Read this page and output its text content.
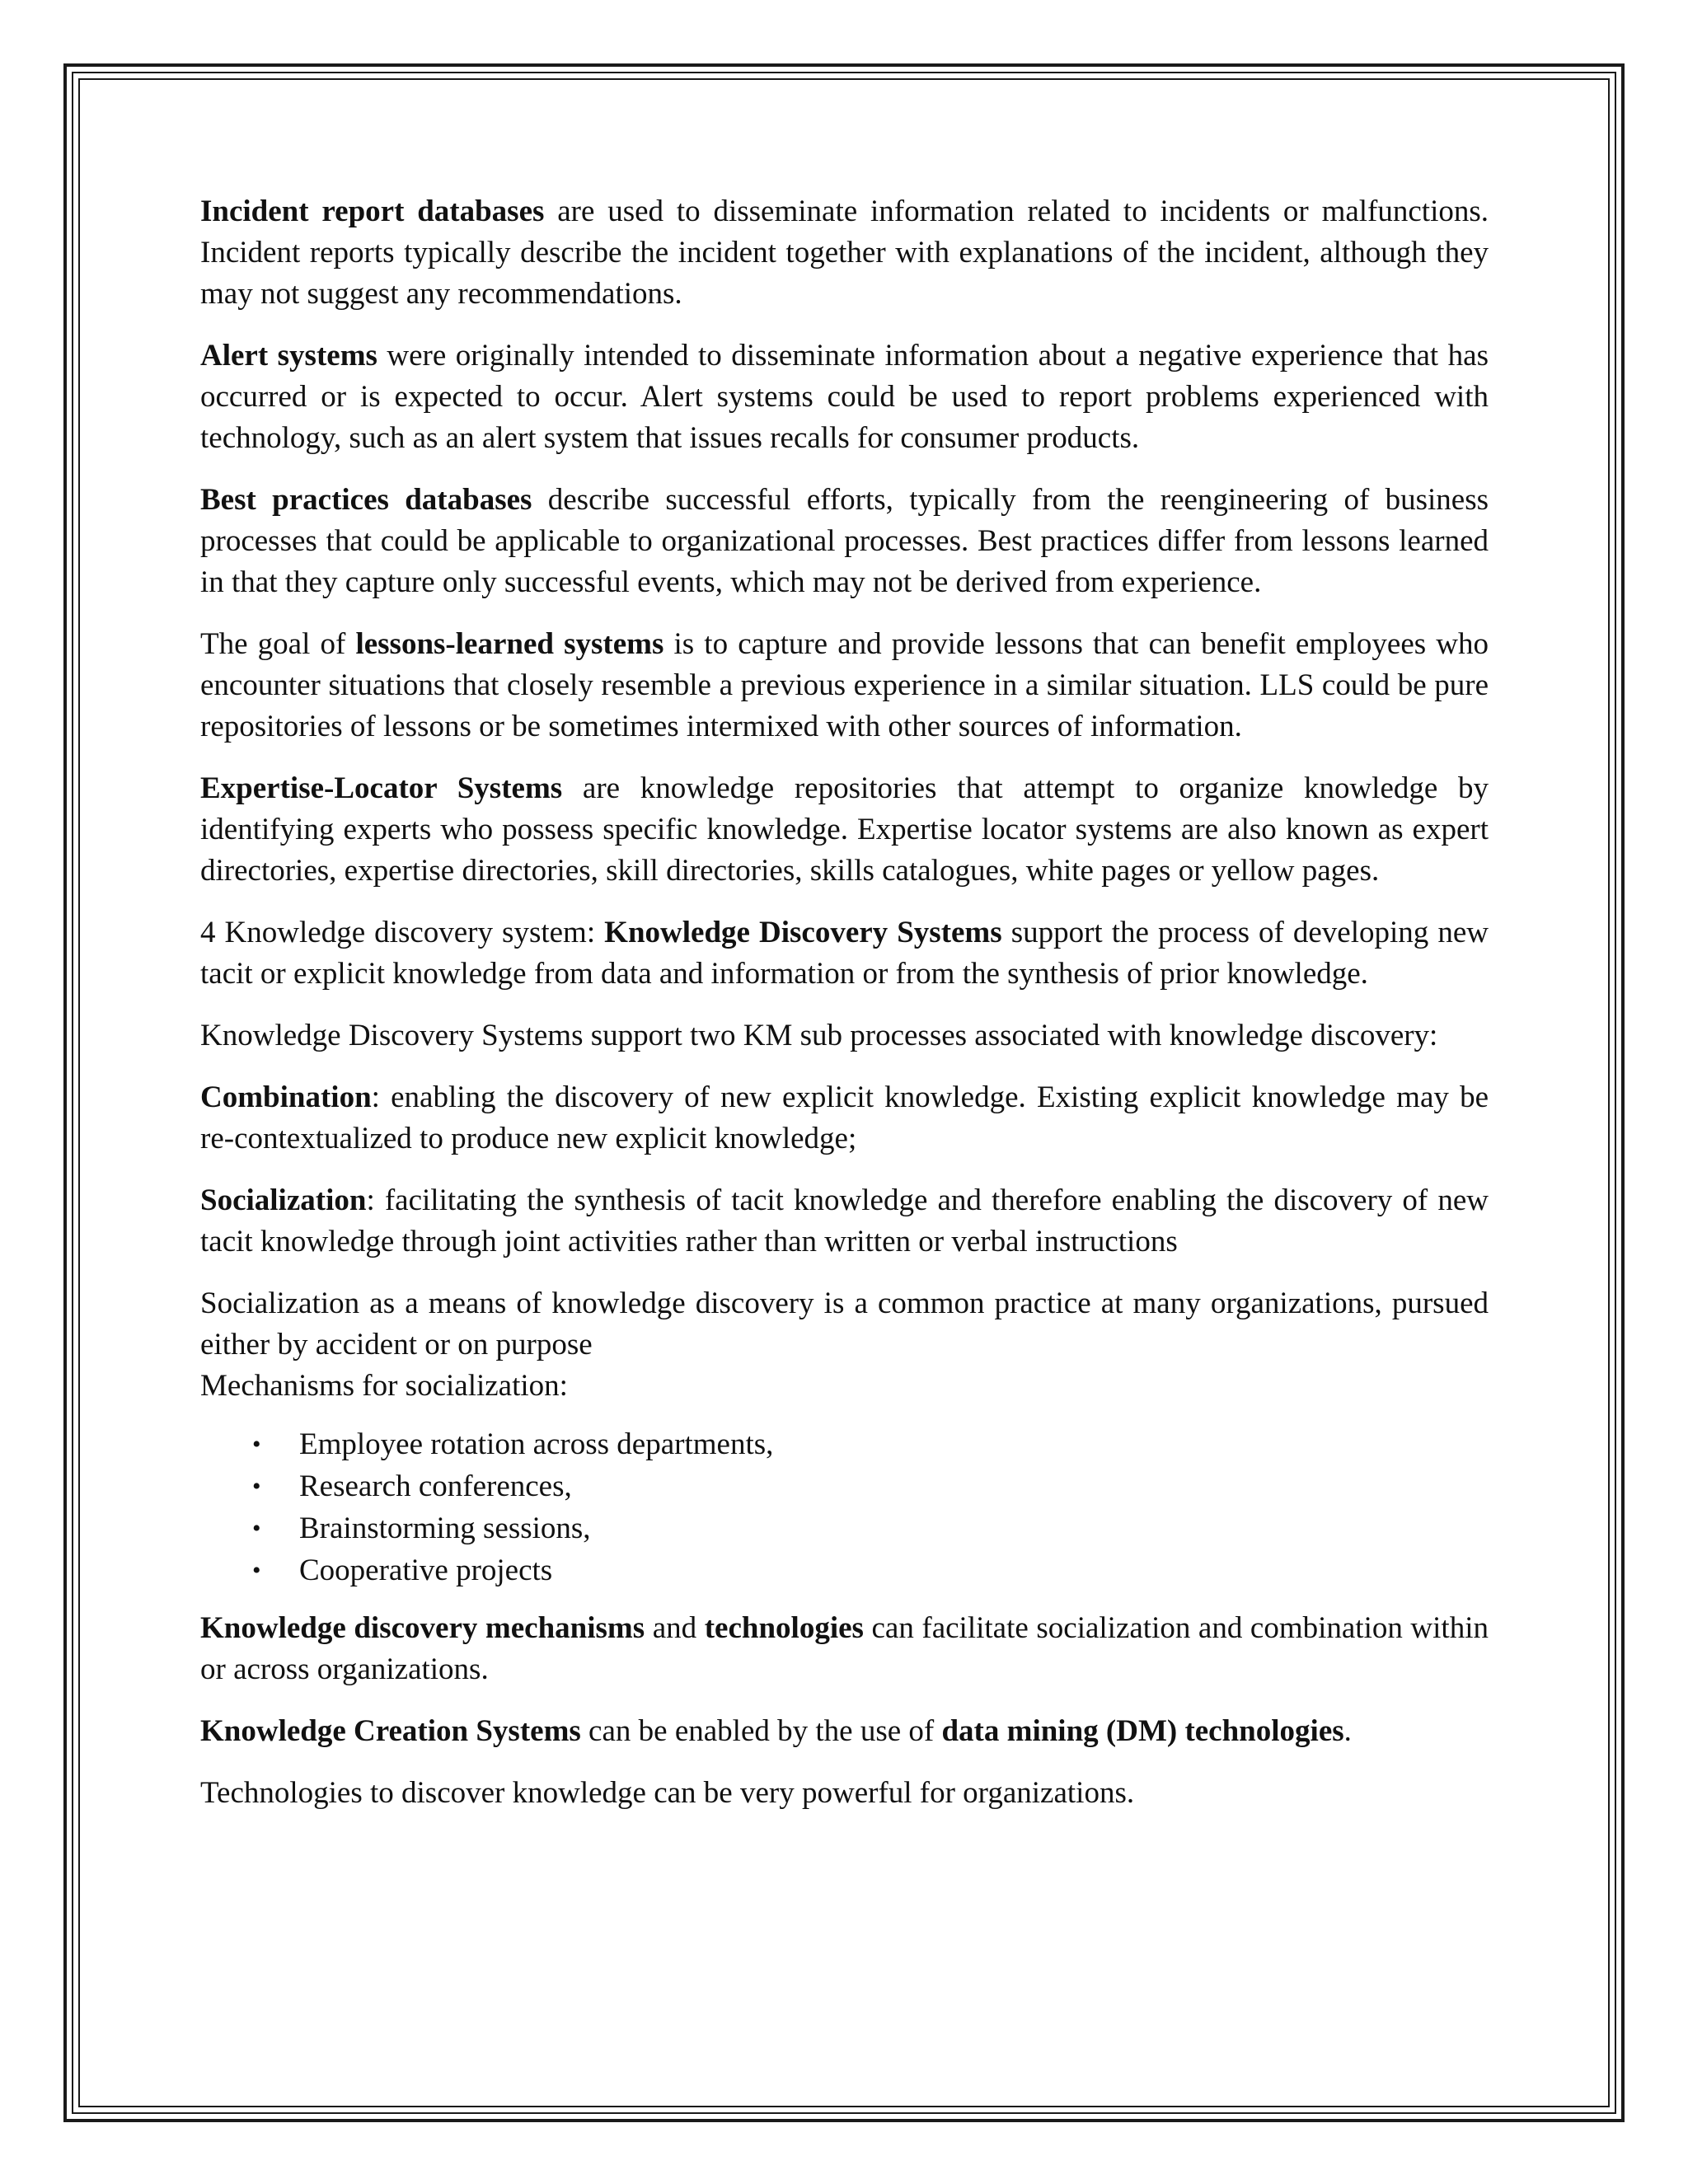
Incident report databases are used to disseminate information related to incidents or malfunctions. Incident reports typically describe the incident together with explanations of the incident, although they may not suggest any recommendations.

Alert systems were originally intended to disseminate information about a negative experience that has occurred or is expected to occur. Alert systems could be used to report problems experienced with technology, such as an alert system that issues recalls for consumer products.

Best practices databases describe successful efforts, typically from the reengineering of business processes that could be applicable to organizational processes. Best practices differ from lessons learned in that they capture only successful events, which may not be derived from experience.

The goal of lessons-learned systems is to capture and provide lessons that can benefit employees who encounter situations that closely resemble a previous experience in a similar situation. LLS could be pure repositories of lessons or be sometimes intermixed with other sources of information.

Expertise-Locator Systems are knowledge repositories that attempt to organize knowledge by identifying experts who possess specific knowledge. Expertise locator systems are also known as expert directories, expertise directories, skill directories, skills catalogues, white pages or yellow pages.

4 Knowledge discovery system: Knowledge Discovery Systems support the process of developing new tacit or explicit knowledge from data and information or from the synthesis of prior knowledge.

Knowledge Discovery Systems support two KM sub processes associated with knowledge discovery:

Combination: enabling the discovery of new explicit knowledge. Existing explicit knowledge may be re-contextualized to produce new explicit knowledge;

Socialization: facilitating the synthesis of tacit knowledge and therefore enabling the discovery of new tacit knowledge through joint activities rather than written or verbal instructions

Socialization as a means of knowledge discovery is a common practice at many organizations, pursued either by accident or on purpose

Mechanisms for socialization:

• Employee rotation across departments,
• Research conferences,
• Brainstorming sessions,
• Cooperative projects

Knowledge discovery mechanisms and technologies can facilitate socialization and combination within or across organizations.

Knowledge Creation Systems can be enabled by the use of data mining (DM) technologies.

Technologies to discover knowledge can be very powerful for organizations.
